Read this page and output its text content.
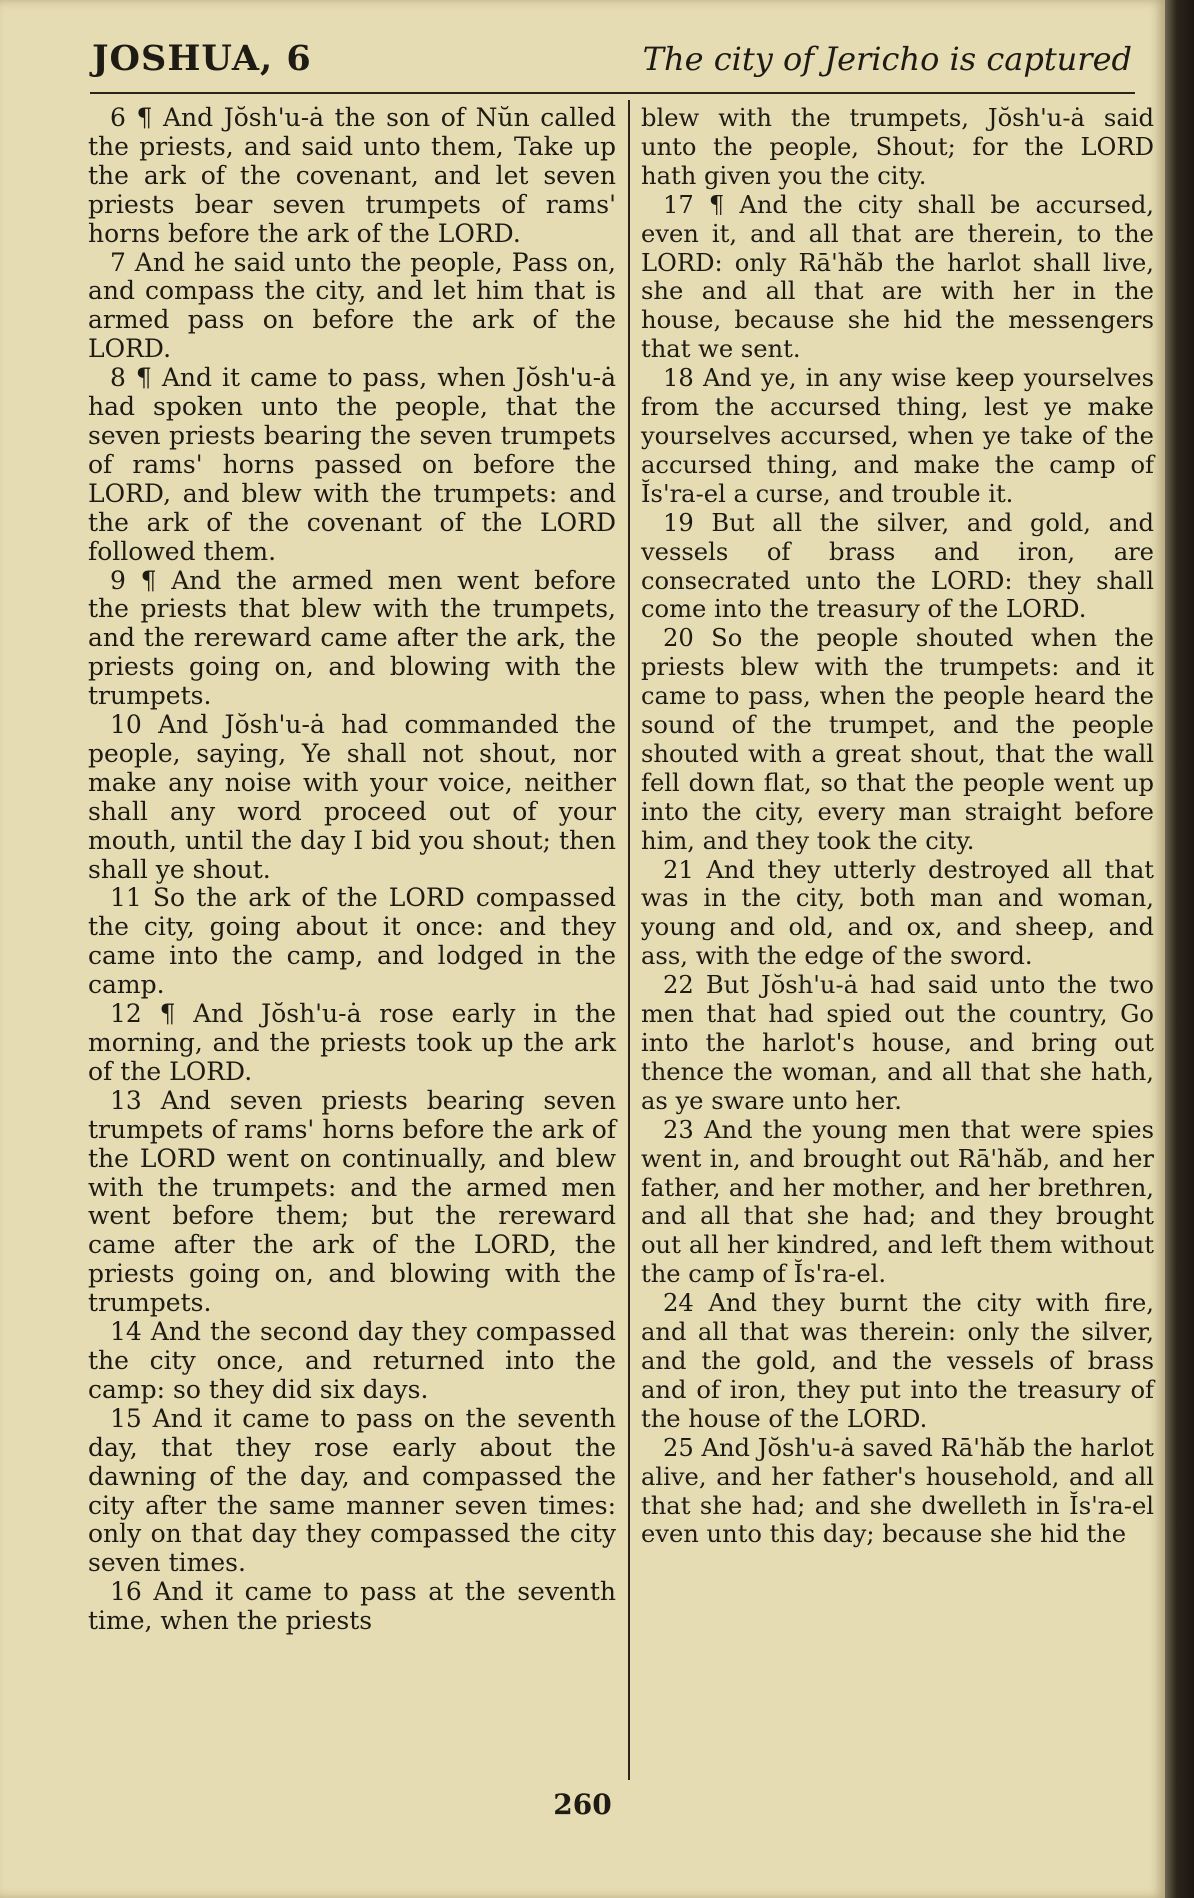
JOSHUA, 6	The city of Jericho is captured

6 ¶ And Jŏsh'u-ȧ the son of Nŭn called the priests, and said unto them, Take up the ark of the covenant, and let seven priests bear seven trumpets of rams' horns before the ark of the LORD.

7 And he said unto the people, Pass on, and compass the city, and let him that is armed pass on before the ark of the LORD.

8 ¶ And it came to pass, when Jŏsh'u-ȧ had spoken unto the people, that the seven priests bearing the seven trumpets of rams' horns passed on before the LORD, and blew with the trumpets: and the ark of the covenant of the LORD followed them.

9 ¶ And the armed men went before the priests that blew with the trumpets, and the rereward came after the ark, the priests going on, and blowing with the trumpets.

10 And Jŏsh'u-ȧ had commanded the people, saying, Ye shall not shout, nor make any noise with your voice, neither shall any word proceed out of your mouth, until the day I bid you shout; then shall ye shout.

11 So the ark of the LORD compassed the city, going about it once: and they came into the camp, and lodged in the camp.

12 ¶ And Jŏsh'u-ȧ rose early in the morning, and the priests took up the ark of the LORD.

13 And seven priests bearing seven trumpets of rams' horns before the ark of the LORD went on continually, and blew with the trumpets: and the armed men went before them; but the rereward came after the ark of the LORD, the priests going on, and blowing with the trumpets.

14 And the second day they compassed the city once, and returned into the camp: so they did six days.

15 And it came to pass on the seventh day, that they rose early about the dawning of the day, and compassed the city after the same manner seven times: only on that day they compassed the city seven times.

16 And it came to pass at the seventh time, when the priests

blew with the trumpets, Jŏsh'u-ȧ said unto the people, Shout; for the LORD hath given you the city.

17 ¶ And the city shall be accursed, even it, and all that are therein, to the LORD: only Rā'hăb the harlot shall live, she and all that are with her in the house, because she hid the messengers that we sent.

18 And ye, in any wise keep yourselves from the accursed thing, lest ye make yourselves accursed, when ye take of the accursed thing, and make the camp of Ĭs'ra-el a curse, and trouble it.

19 But all the silver, and gold, and vessels of brass and iron, are consecrated unto the LORD: they shall come into the treasury of the LORD.

20 So the people shouted when the priests blew with the trumpets: and it came to pass, when the people heard the sound of the trumpet, and the people shouted with a great shout, that the wall fell down flat, so that the people went up into the city, every man straight before him, and they took the city.

21 And they utterly destroyed all that was in the city, both man and woman, young and old, and ox, and sheep, and ass, with the edge of the sword.

22 But Jŏsh'u-ȧ had said unto the two men that had spied out the country, Go into the harlot's house, and bring out thence the woman, and all that she hath, as ye sware unto her.

23 And the young men that were spies went in, and brought out Rā'hăb, and her father, and her mother, and her brethren, and all that she had; and they brought out all her kindred, and left them without the camp of Ĭs'ra-el.

24 And they burnt the city with fire, and all that was therein: only the silver, and the gold, and the vessels of brass and of iron, they put into the treasury of the house of the LORD.

25 And Jŏsh'u-ȧ saved Rā'hăb the harlot alive, and her father's household, and all that she had; and she dwelleth in Ĭs'ra-el even unto this day; because she hid the

260
